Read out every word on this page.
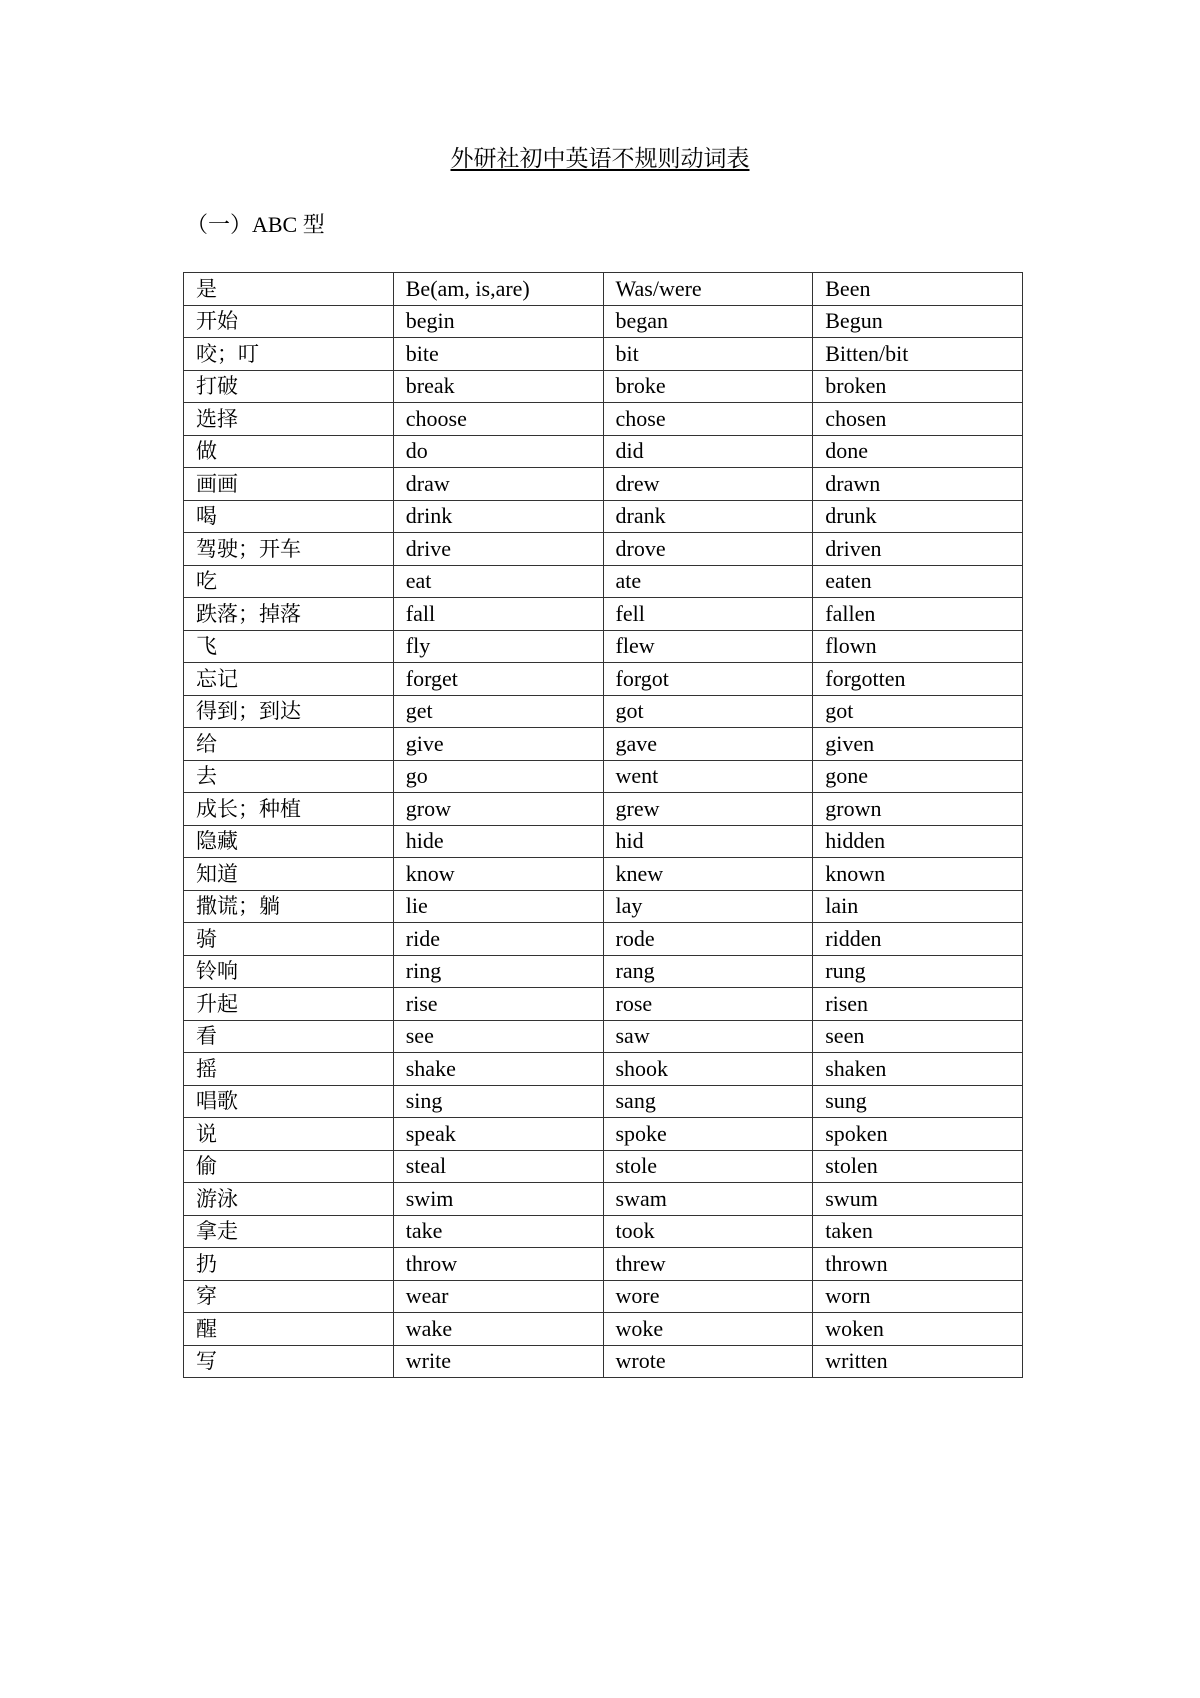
外研社初中英语不规则动词表
（一）ABC 型
是	Be(am, is,are)	Was/were	Been
开始	begin	began	Begun
咬；叮	bite	bit	Bitten/bit
打破	break	broke	broken
选择	choose	chose	chosen
做	do	did	done
画画	draw	drew	drawn
喝	drink	drank	drunk
驾驶；开车	drive	drove	driven
吃	eat	ate	eaten
跌落；掉落	fall	fell	fallen
飞	fly	flew	flown
忘记	forget	forgot	forgotten
得到；到达	get	got	got
给	give	gave	given
去	go	went	gone
成长；种植	grow	grew	grown
隐藏	hide	hid	hidden
知道	know	knew	known
撒谎；躺	lie	lay	lain
骑	ride	rode	ridden
铃响	ring	rang	rung
升起	rise	rose	risen
看	see	saw	seen
摇	shake	shook	shaken
唱歌	sing	sang	sung
说	speak	spoke	spoken
偷	steal	stole	stolen
游泳	swim	swam	swum
拿走	take	took	taken
扔	throw	threw	thrown
穿	wear	wore	worn
醒	wake	woke	woken
写	write	wrote	written
